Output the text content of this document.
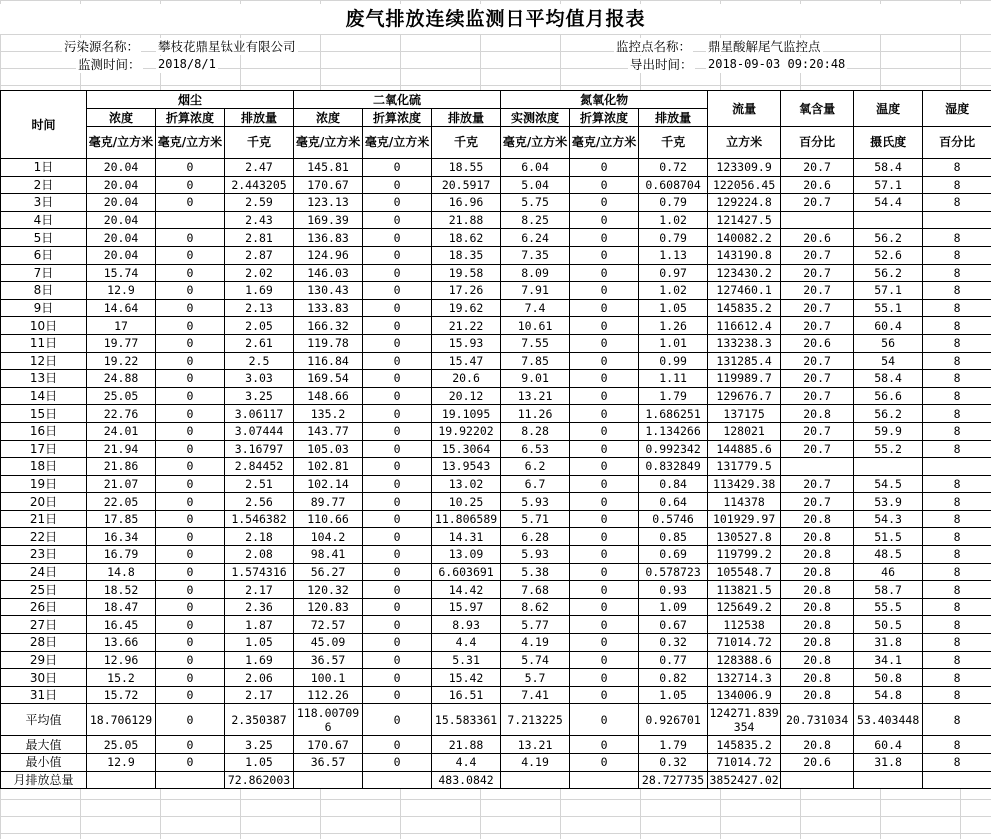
废气排放连续监测日平均值月报表
污染源名称： 攀枝花鼎星钛业有限公司
监测时间： 2018/8/1
监控点名称： 鼎星酸解尾气监控点
导出时间： 2018-09-03 09:20:48
时间	烟尘			二氧化硫			氮氧化物			流量	氧含量	温度	湿度
	浓度	折算浓度	排放量	浓度	折算浓度	排放量	实测浓度	折算浓度	排放量				
	毫克/立方米	毫克/立方米	千克	毫克/立方米	毫克/立方米	千克	毫克/立方米	毫克/立方米	千克	立方米	百分比	摄氏度	百分比
1日	20.04	0	2.47	145.81	0	18.55	6.04	0	0.72	123309.9	20.7	58.4	8
2日	20.04	0	2.443205	170.67	0	20.5917	5.04	0	0.608704	122056.45	20.6	57.1	8
3日	20.04	0	2.59	123.13	0	16.96	5.75	0	0.79	129224.8	20.7	54.4	8
4日	20.04		2.43	169.39	0	21.88	8.25	0	1.02	121427.5			
5日	20.04	0	2.81	136.83	0	18.62	6.24	0	0.79	140082.2	20.6	56.2	8
6日	20.04	0	2.87	124.96	0	18.35	7.35	0	1.13	143190.8	20.7	52.6	8
7日	15.74	0	2.02	146.03	0	19.58	8.09	0	0.97	123430.2	20.7	56.2	8
8日	12.9	0	1.69	130.43	0	17.26	7.91	0	1.02	127460.1	20.7	57.1	8
9日	14.64	0	2.13	133.83	0	19.62	7.4	0	1.05	145835.2	20.7	55.1	8
10日	17	0	2.05	166.32	0	21.22	10.61	0	1.26	116612.4	20.7	60.4	8
11日	19.77	0	2.61	119.78	0	15.93	7.55	0	1.01	133238.3	20.6	56	8
12日	19.22	0	2.5	116.84	0	15.47	7.85	0	0.99	131285.4	20.7	54	8
13日	24.88	0	3.03	169.54	0	20.6	9.01	0	1.11	119989.7	20.7	58.4	8
14日	25.05	0	3.25	148.66	0	20.12	13.21	0	1.79	129676.7	20.7	56.6	8
15日	22.76	0	3.06117	135.2	0	19.1095	11.26	0	1.686251	137175	20.8	56.2	8
16日	24.01	0	3.07444	143.77	0	19.92202	8.28	0	1.134266	128021	20.7	59.9	8
17日	21.94	0	3.16797	105.03	0	15.3064	6.53	0	0.992342	144885.6	20.7	55.2	8
18日	21.86	0	2.84452	102.81	0	13.9543	6.2	0	0.832849	131779.5			
19日	21.07	0	2.51	102.14	0	13.02	6.7	0	0.84	113429.38	20.7	54.5	8
20日	22.05	0	2.56	89.77	0	10.25	5.93	0	0.64	114378	20.7	53.9	8
21日	17.85	0	1.546382	110.66	0	11.806589	5.71	0	0.5746	101929.97	20.8	54.3	8
22日	16.34	0	2.18	104.2	0	14.31	6.28	0	0.85	130527.8	20.8	51.5	8
23日	16.79	0	2.08	98.41	0	13.09	5.93	0	0.69	119799.2	20.8	48.5	8
24日	14.8	0	1.574316	56.27	0	6.603691	5.38	0	0.578723	105548.7	20.8	46	8
25日	18.52	0	2.17	120.32	0	14.42	7.68	0	0.93	113821.5	20.8	58.7	8
26日	18.47	0	2.36	120.83	0	15.97	8.62	0	1.09	125649.2	20.8	55.5	8
27日	16.45	0	1.87	72.57	0	8.93	5.77	0	0.67	112538	20.8	50.5	8
28日	13.66	0	1.05	45.09	0	4.4	4.19	0	0.32	71014.72	20.8	31.8	8
29日	12.96	0	1.69	36.57	0	5.31	5.74	0	0.77	128388.6	20.8	34.1	8
30日	15.2	0	2.06	100.1	0	15.42	5.7	0	0.82	132714.3	20.8	50.8	8
31日	15.72	0	2.17	112.26	0	16.51	7.41	0	1.05	134006.9	20.8	54.8	8
平均值	18.706129	0	2.350387	118.007096	0	15.583361	7.213225	0	0.926701	124271.839354	20.731034	53.403448	8
最大值	25.05	0	3.25	170.67	0	21.88	13.21	0	1.79	145835.2	20.8	60.4	8
最小值	12.9	0	1.05	36.57	0	4.4	4.19	0	0.32	71014.72	20.6	31.8	8
月排放总量			72.862003			483.0842			28.727735	3852427.02			
